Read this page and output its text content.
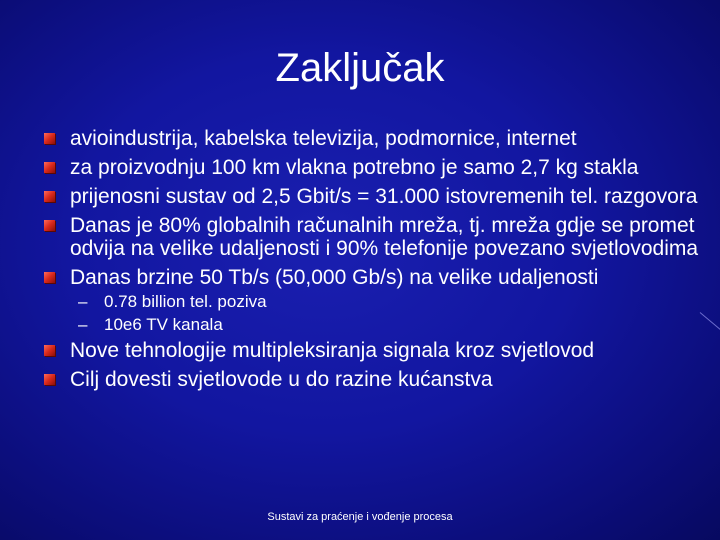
Zaključak
avioindustrija, kabelska televizija, podmornice, internet
za proizvodnju 100 km vlakna potrebno je samo 2,7 kg stakla
prijenosni sustav od 2,5 Gbit/s = 31.000 istovremenih tel. razgovora
Danas je 80% globalnih računalnih mreža, tj. mreža gdje se promet odvija na velike udaljenosti i 90% telefonije povezano svjetlovodima
Danas brzine 50 Tb/s (50,000 Gb/s) na velike udaljenosti
– 0.78 billion tel. poziva
– 10e6 TV kanala
Nove tehnologije multipleksiranja signala kroz svjetlovod
Cilj dovesti svjetlovode u do razine kućanstva
Sustavi za praćenje i vođenje procesa
